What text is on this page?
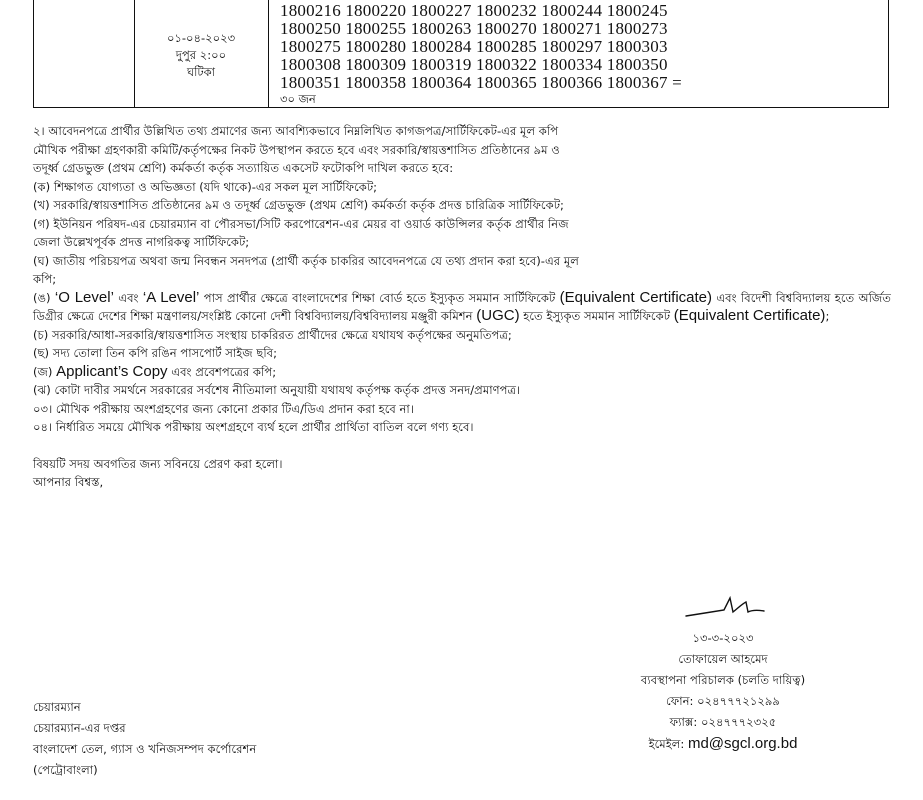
০১-০৪-২০২৩
দুপুর ২:০০
ঘটিকা
1800216 1800220 1800227 1800232 1800244 1800245
1800250 1800255 1800263 1800270 1800271 1800273
1800275 1800280 1800284 1800285 1800297 1800303
1800308 1800309 1800319 1800322 1800334 1800350
1800351 1800358 1800364 1800365 1800366 1800367 =
৩০ জন
২। আবেদনপত্রে প্রার্থীর উল্লিখিত তথ্য প্রমাণের জন্য আবশ্যিকভাবে নিম্নলিখিত কাগজপত্র/সার্টিফিকেট-এর মূল কপি
মৌখিক পরীক্ষা গ্রহণকারী কমিটি/কর্তৃপক্ষের নিকট উপস্থাপন করতে হবে এবং সরকারি/স্বায়ত্তশাসিত প্রতিষ্ঠানের ৯ম ও
তদূর্ধ্ব গ্রেডভুক্ত (প্রথম শ্রেণি) কর্মকর্তা কর্তৃক সত্যায়িত একসেট ফটোকপি দাখিল করতে হবে:
(ক) শিক্ষাগত যোগ্যতা ও অভিজ্ঞতা (যদি থাকে)-এর সকল মূল সার্টিফিকেট;
(খ) সরকারি/স্বায়ত্তশাসিত প্রতিষ্ঠানের ৯ম ও তদূর্ধ্ব গ্রেডভুক্ত (প্রথম শ্রেণি) কর্মকর্তা কর্তৃক প্রদত্ত চারিত্রিক সার্টিফিকেট;
(গ) ইউনিয়ন পরিষদ-এর চেয়ারম্যান বা পৌরসভা/সিটি করপোরেশন-এর মেয়র বা ওয়ার্ড কাউন্সিলর কর্তৃক প্রার্থীর নিজ
জেলা উল্লেখপূর্বক প্রদত্ত নাগরিকত্ব সার্টিফিকেট;
(ঘ) জাতীয় পরিচয়পত্র অথবা জন্ম নিবন্ধন সনদপত্র (প্রার্থী কর্তৃক চাকরির আবেদনপত্রে যে তথ্য প্রদান করা হবে)-এর মূল
কপি;
(ঙ) ‘O Level’ এবং ‘A Level’ পাস প্রার্থীর ক্ষেত্রে বাংলাদেশের শিক্ষা বোর্ড হতে ইস্যুকৃত সমমান সার্টিফিকেট (Equivalent Certificate) এবং বিদেশী বিশ্ববিদ্যালয় হতে অর্জিত ডিগ্রীর ক্ষেত্রে দেশের শিক্ষা মন্ত্রণালয়/সংশ্লিষ্ট কোনো দেশী বিশ্ববিদ্যালয়/বিশ্ববিদ্যালয় মঞ্জুরী কমিশন (UGC) হতে ইস্যুকৃত সমমান সার্টিফিকেট (Equivalent Certificate);
(চ) সরকারি/আধা-সরকারি/স্বায়ত্তশাসিত সংস্থায় চাকরিরত প্রার্থীদের ক্ষেত্রে যথাযথ কর্তৃপক্ষের অনুমতিপত্র;
(ছ) সদ্য তোলা তিন কপি রঙিন পাসপোর্ট সাইজ ছবি;
(জ) Applicant’s Copy এবং প্রবেশপত্রের কপি;
(ঝ) কোটা দাবীর সমর্থনে সরকারের সর্বশেষ নীতিমালা অনুযায়ী যথাযথ কর্তৃপক্ষ কর্তৃক প্রদত্ত সনদ/প্রমাণপত্র।
০৩। মৌখিক পরীক্ষায় অংশগ্রহণের জন্য কোনো প্রকার টিএ/ডিএ প্রদান করা হবে না।
০৪। নির্ধারিত সময়ে মৌখিক পরীক্ষায় অংশগ্রহণে ব্যর্থ হলে প্রার্থীর প্রার্থিতা বাতিল বলে গণ্য হবে।
বিষয়টি সদয় অবগতির জন্য সবিনয়ে প্রেরণ করা হলো।
আপনার বিশ্বস্ত,
১৩-৩-২০২৩
তোফায়েল আহমেদ
ব্যবস্থাপনা পরিচালক (চলতি দায়িত্ব)
ফোন: ০২৪৭৭৭২১২৯৯
ফ্যাক্স: ০২৪৭৭৭২৩২৫
ইমেইল: md@sgcl.org.bd
চেয়ারম্যান
চেয়ারম্যান-এর দপ্তর
বাংলাদেশ তেল, গ্যাস ও খনিজসম্পদ কর্পোরেশন
(পেট্রোবাংলা)
